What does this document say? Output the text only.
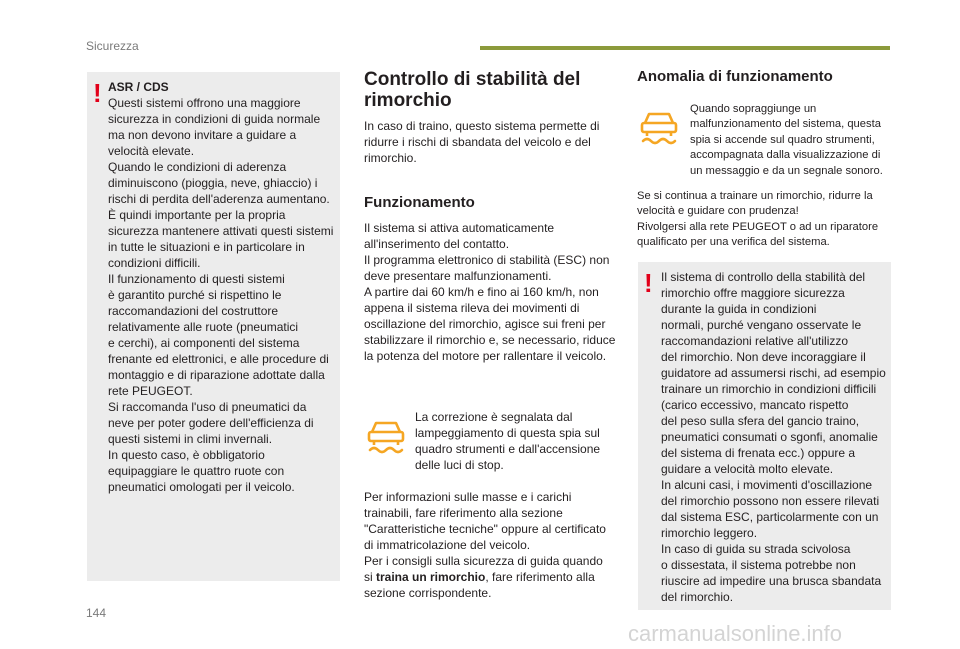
Sicurezza
! ASR / CDS
Questi sistemi offrono una maggiore
sicurezza in condizioni di guida normale
ma non devono invitare a guidare a
velocità elevate.
Quando le condizioni di aderenza
diminuiscono (pioggia, neve, ghiaccio) i
rischi di perdita dell'aderenza aumentano.
È quindi importante per la propria
sicurezza mantenere attivati questi sistemi
in tutte le situazioni e in particolare in
condizioni difficili.
Il funzionamento di questi sistemi
è garantito purché si rispettino le
raccomandazioni del costruttore
relativamente alle ruote (pneumatici
e cerchi), ai componenti del sistema
frenante ed elettronici, e alle procedure di
montaggio e di riparazione adottate dalla
rete PEUGEOT.
Si raccomanda l'uso di pneumatici da
neve per poter godere dell'efficienza di
questi sistemi in climi invernali.
In questo caso, è obbligatorio
equipaggiare le quattro ruote con
pneumatici omologati per il veicolo.
Controllo di stabilità del
rimorchio
In caso di traino, questo sistema permette di
ridurre i rischi di sbandata del veicolo e del
rimorchio.
Funzionamento
Il sistema si attiva automaticamente
all'inserimento del contatto.
Il programma elettronico di stabilità (ESC) non
deve presentare malfunzionamenti.
A partire dai 60 km/h e fino ai 160 km/h, non
appena il sistema rileva dei movimenti di
oscillazione del rimorchio, agisce sui freni per
stabilizzare il rimorchio e, se necessario, riduce
la potenza del motore per rallentare il veicolo.
La correzione è segnalata dal
lampeggiamento di questa spia sul
quadro strumenti e dall'accensione
delle luci di stop.
Per informazioni sulle masse e i carichi
trainabili, fare riferimento alla sezione
"Caratteristiche tecniche" oppure al certificato
di immatricolazione del veicolo.
Per i consigli sulla sicurezza di guida quando
si traina un rimorchio, fare riferimento alla
sezione corrispondente.
Anomalia di funzionamento
Quando sopraggiunge un
malfunzionamento del sistema, questa
spia si accende sul quadro strumenti,
accompagnata dalla visualizzazione di
un messaggio e da un segnale sonoro.
Se si continua a trainare un rimorchio, ridurre la
velocità e guidare con prudenza!
Rivolgersi alla rete PEUGEOT o ad un riparatore
qualificato per una verifica del sistema.
! Il sistema di controllo della stabilità del
rimorchio offre maggiore sicurezza
durante la guida in condizioni
normali, purché vengano osservate le
raccomandazioni relative all'utilizzo
del rimorchio. Non deve incoraggiare il
guidatore ad assumersi rischi, ad esempio
trainare un rimorchio in condizioni difficili
(carico eccessivo, mancato rispetto
del peso sulla sfera del gancio traino,
pneumatici consumati o sgonfi, anomalie
del sistema di frenata ecc.) oppure a
guidare a velocità molto elevate.
In alcuni casi, i movimenti d'oscillazione
del rimorchio possono non essere rilevati
dal sistema ESC, particolarmente con un
rimorchio leggero.
In caso di guida su strada scivolosa
o dissestata, il sistema potrebbe non
riuscire ad impedire una brusca sbandata
del rimorchio.
144
carmanualsonline.info
